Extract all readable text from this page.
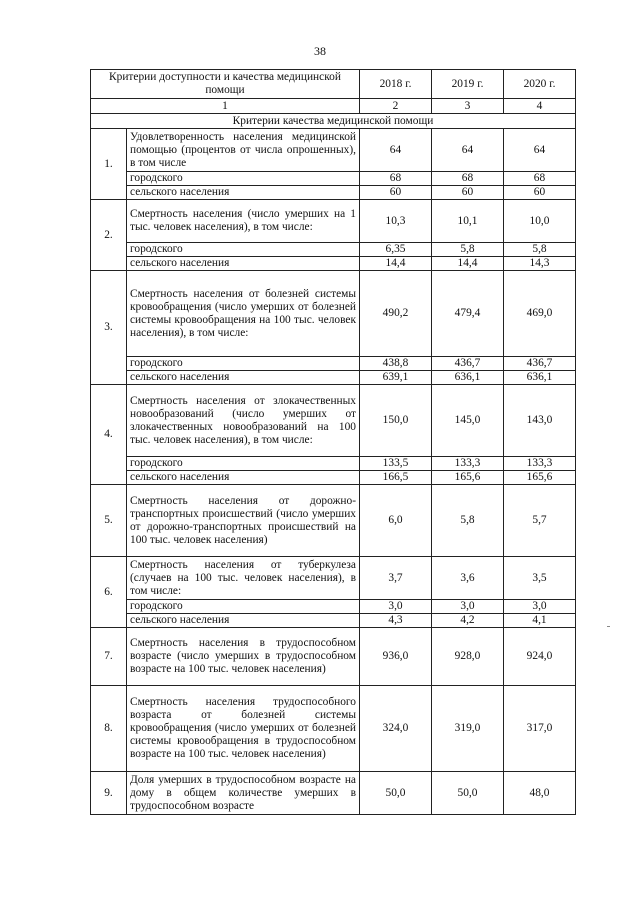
38
Критерии доступности и качества медицинской помощи		2018 г.	2019 г.	2020 г.
1		2	3	4
Критерии качества медицинской помощи				
1.	Удовлетворенность населения медицинской помощью (процентов от числа опрошенных), в том числе	64	64	64
	городского	68	68	68
	сельского населения	60	60	60
2.	Смертность населения (число умерших на 1 тыс. человек населения), в том числе:	10,3	10,1	10,0
	городского	6,35	5,8	5,8
	сельского населения	14,4	14,4	14,3
3.	Смертность населения от болезней системы кровообращения (число умерших от болезней системы кровообращения на 100 тыс. человек населения), в том числе:	490,2	479,4	469,0
	городского	438,8	436,7	436,7
	сельского населения	639,1	636,1	636,1
4.	Смертность населения от злокачественных новообразований (число умерших от злокачественных новообразований на 100 тыс. человек населения), в том числе:	150,0	145,0	143,0
	городского	133,5	133,3	133,3
	сельского населения	166,5	165,6	165,6
5.	Смертность населения от дорожно-транспортных происшествий (число умерших от дорожно-транспортных происшествий на 100 тыс. человек населения)	6,0	5,8	5,7
6.	Смертность населения от туберкулеза (случаев на 100 тыс. человек населения), в том числе:	3,7	3,6	3,5
	городского	3,0	3,0	3,0
	сельского населения	4,3	4,2	4,1
7.	Смертность населения в трудоспособном возрасте (число умерших в трудоспособном возрасте на 100 тыс. человек населения)	936,0	928,0	924,0
8.	Смертность населения трудоспособного возраста от болезней системы кровообращения (число умерших от болезней системы кровообращения в трудоспособном возрасте на 100 тыс. человек населения)	324,0	319,0	317,0
9.	Доля умерших в трудоспособном возрасте на дому в общем количестве умерших в трудоспособном возрасте	50,0	50,0	48,0
